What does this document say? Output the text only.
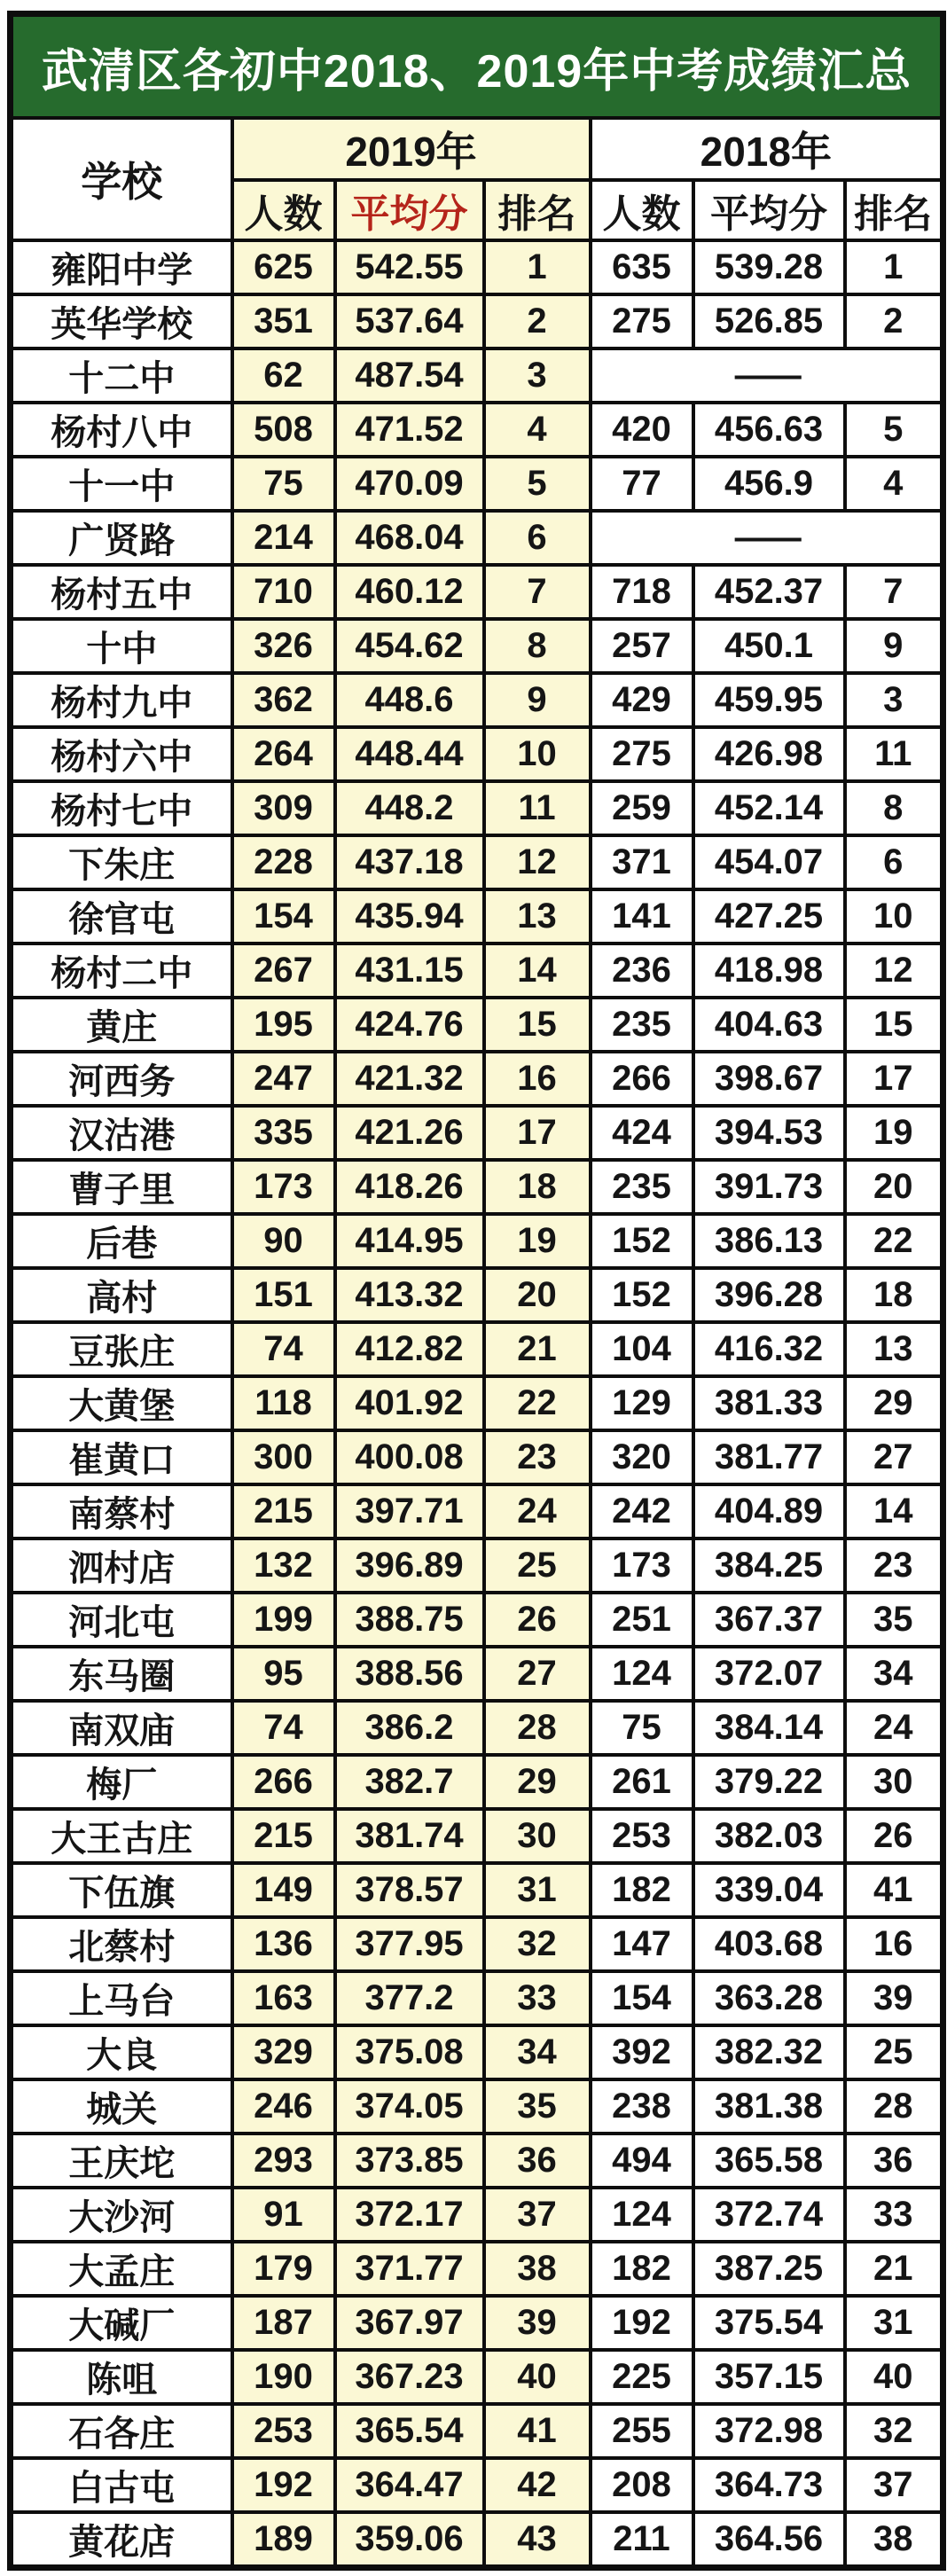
武清区各初中2018、2019年中考成绩汇总						
学校	2019年			2018年		
	人数	平均分	排名	人数	平均分	排名
雍阳中学	625	542.55	1	635	539.28	1
英华学校	351	537.64	2	275	526.85	2
十二中	62	487.54	3	——		
杨村八中	508	471.52	4	420	456.63	5
十一中	75	470.09	5	77	456.9	4
广贤路	214	468.04	6	——		
杨村五中	710	460.12	7	718	452.37	7
十中	326	454.62	8	257	450.1	9
杨村九中	362	448.6	9	429	459.95	3
杨村六中	264	448.44	10	275	426.98	11
杨村七中	309	448.2	11	259	452.14	8
下朱庄	228	437.18	12	371	454.07	6
徐官屯	154	435.94	13	141	427.25	10
杨村二中	267	431.15	14	236	418.98	12
黄庄	195	424.76	15	235	404.63	15
河西务	247	421.32	16	266	398.67	17
汉沽港	335	421.26	17	424	394.53	19
曹子里	173	418.26	18	235	391.73	20
后巷	90	414.95	19	152	386.13	22
高村	151	413.32	20	152	396.28	18
豆张庄	74	412.82	21	104	416.32	13
大黄堡	118	401.92	22	129	381.33	29
崔黄口	300	400.08	23	320	381.77	27
南蔡村	215	397.71	24	242	404.89	14
泗村店	132	396.89	25	173	384.25	23
河北屯	199	388.75	26	251	367.37	35
东马圈	95	388.56	27	124	372.07	34
南双庙	74	386.2	28	75	384.14	24
梅厂	266	382.7	29	261	379.22	30
大王古庄	215	381.74	30	253	382.03	26
下伍旗	149	378.57	31	182	339.04	41
北蔡村	136	377.95	32	147	403.68	16
上马台	163	377.2	33	154	363.28	39
大良	329	375.08	34	392	382.32	25
城关	246	374.05	35	238	381.38	28
王庆坨	293	373.85	36	494	365.58	36
大沙河	91	372.17	37	124	372.74	33
大孟庄	179	371.77	38	182	387.25	21
大碱厂	187	367.97	39	192	375.54	31
陈咀	190	367.23	40	225	357.15	40
石各庄	253	365.54	41	255	372.98	32
白古屯	192	364.47	42	208	364.73	37
黄花店	189	359.06	43	211	364.56	38
